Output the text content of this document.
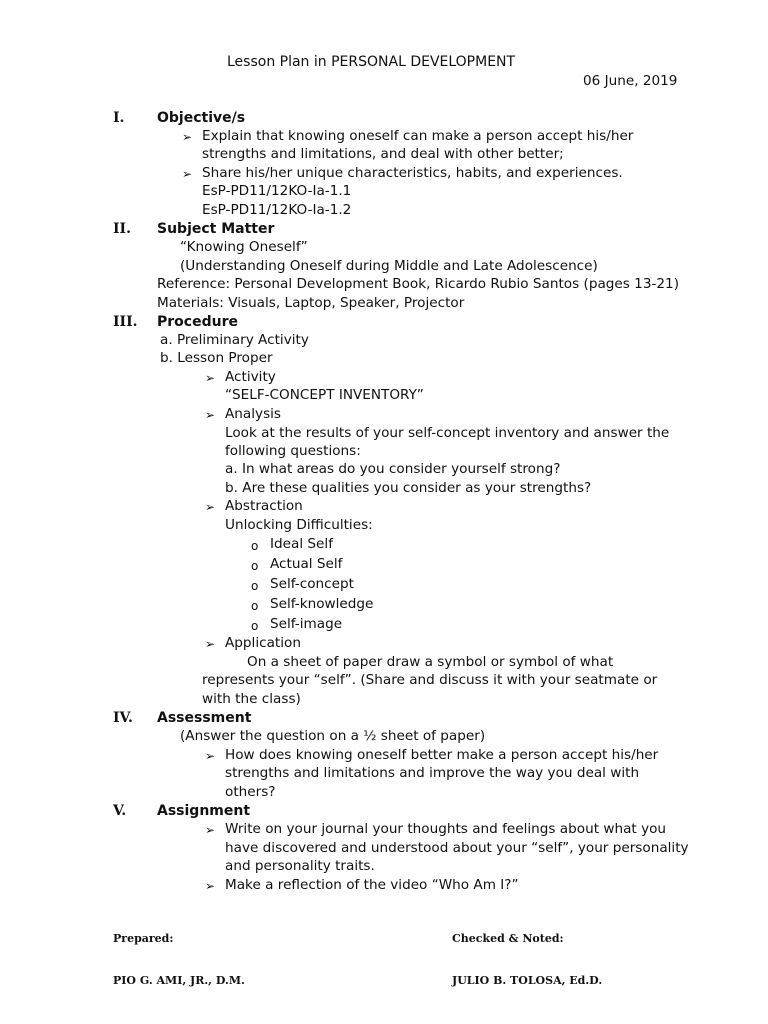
Lesson Plan in PERSONAL DEVELOPMENT
06 June, 2019
I. Objective/s
➢ Explain that knowing oneself can make a person accept his/her
strengths and limitations, and deal with other better;
➢ Share his/her unique characteristics, habits, and experiences.
EsP-PD11/12KO-Ia-1.1
EsP-PD11/12KO-Ia-1.2
II. Subject Matter
“Knowing Oneself”
(Understanding Oneself during Middle and Late Adolescence)
Reference: Personal Development Book, Ricardo Rubio Santos (pages 13-21)
Materials: Visuals, Laptop, Speaker, Projector
III. Procedure
a. Preliminary Activity
b. Lesson Proper
➢ Activity
“SELF-CONCEPT INVENTORY”
➢ Analysis
Look at the results of your self-concept inventory and answer the
following questions:
a. In what areas do you consider yourself strong?
b. Are these qualities you consider as your strengths?
➢ Abstraction
Unlocking Difficulties:
o Ideal Self
o Actual Self
o Self-concept
o Self-knowledge
o Self-image
➢ Application
On a sheet of paper draw a symbol or symbol of what
represents your “self”. (Share and discuss it with your seatmate or
with the class)
IV. Assessment
(Answer the question on a ½ sheet of paper)
➢ How does knowing oneself better make a person accept his/her
strengths and limitations and improve the way you deal with
others?
V. Assignment
➢ Write on your journal your thoughts and feelings about what you
have discovered and understood about your “self”, your personality
and personality traits.
➢ Make a reflection of the video “Who Am I?”
Prepared:	Checked & Noted:
PIO G. AMI, JR., D.M.	JULIO B. TOLOSA, Ed.D.
